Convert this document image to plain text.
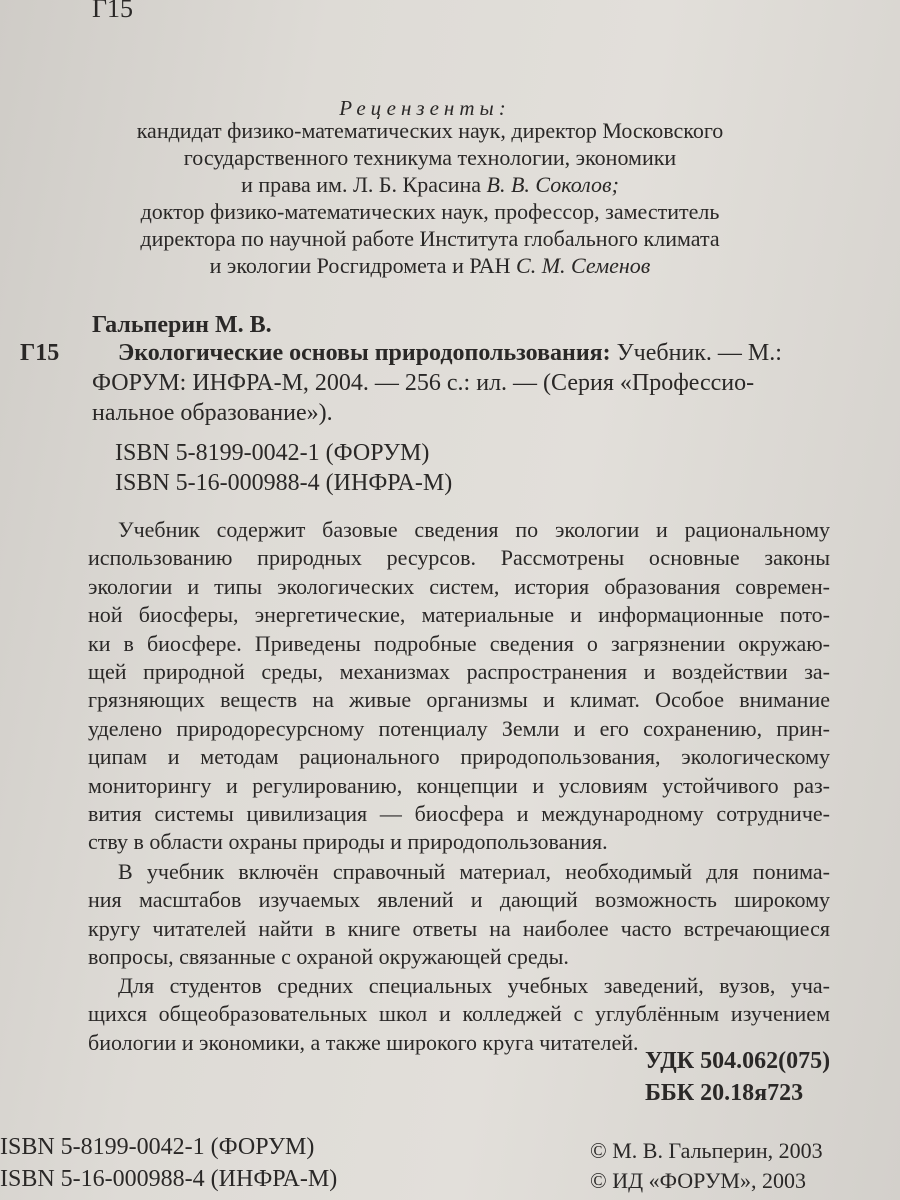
Г15
Рецензенты:
кандидат физико-математических наук, директор Московского
государственного техникума технологии, экономики
и права им. Л. Б. Красина В. В. Соколов;
доктор физико-математических наук, профессор, заместитель
директора по научной работе Института глобального климата
и экологии Росгидромета и РАН С. М. Семенов
Гальперин М. В.
Г15 Экологические основы природопользования: Учебник. — М.:
ФОРУМ: ИНФРА-М, 2004. — 256 с.: ил. — (Серия «Профессио-
нальное образование»).
ISBN 5-8199-0042-1 (ФОРУМ)
ISBN 5-16-000988-4 (ИНФРА-М)
Учебник содержит базовые сведения по экологии и рациональному
использованию природных ресурсов. Рассмотрены основные законы
экологии и типы экологических систем, история образования современ-
ной биосферы, энергетические, материальные и информационные пото-
ки в биосфере. Приведены подробные сведения о загрязнении окружаю-
щей природной среды, механизмах распространения и воздействии за-
грязняющих веществ на живые организмы и климат. Особое внимание
уделено природоресурсному потенциалу Земли и его сохранению, прин-
ципам и методам рационального природопользования, экологическому
мониторингу и регулированию, концепции и условиям устойчивого раз-
вития системы цивилизация — биосфера и международному сотрудниче-
ству в области охраны природы и природопользования.
В учебник включён справочный материал, необходимый для понима-
ния масштабов изучаемых явлений и дающий возможность широкому
кругу читателей найти в книге ответы на наиболее часто встречающиеся
вопросы, связанные с охраной окружающей среды.
Для студентов средних специальных учебных заведений, вузов, уча-
щихся общеобразовательных школ и колледжей с углублённым изучением
биологии и экономики, а также широкого круга читателей.
УДК 504.062(075)
ББК 20.18я723
ISBN 5-8199-0042-1 (ФОРУМ)
ISBN 5-16-000988-4 (ИНФРА-М)
© М. В. Гальперин, 2003
© ИД «ФОРУМ», 2003
